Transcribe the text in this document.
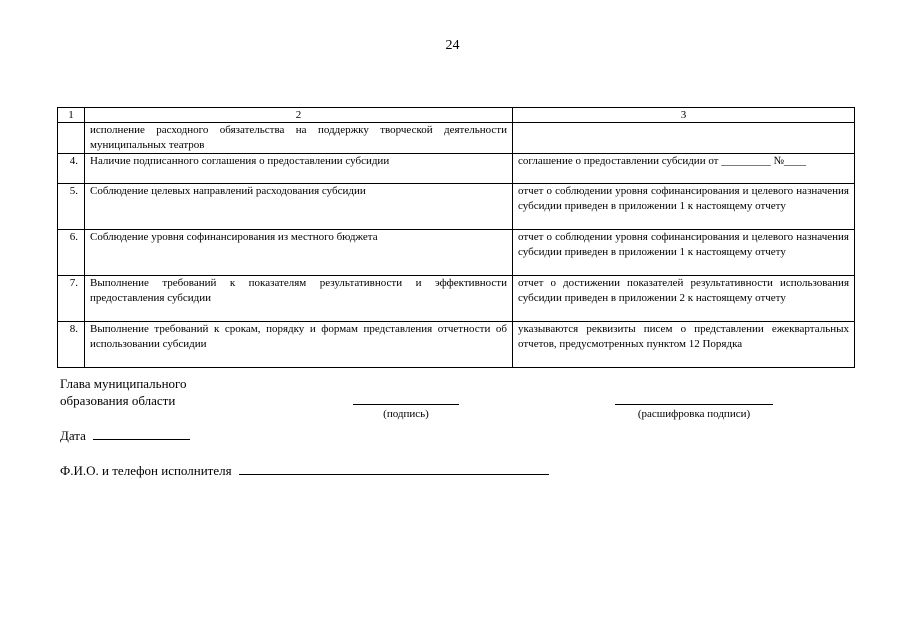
24
1	2	3
	исполнение расходного обязательства на поддержку творческой деятельности муниципальных театров	
4.	Наличие подписанного соглашения о предоставлении субсидии	соглашение о предоставлении субсидии от _________ №____
5.	Соблюдение целевых направлений расходования субсидии	отчет о соблюдении уровня софинансирования и целевого назначения субсидии приведен в приложении 1 к настоящему отчету
6.	Соблюдение уровня софинансирования из местного бюджета	отчет о соблюдении уровня софинансирования и целевого назначения субсидии приведен в приложении 1 к настоящему отчету
7.	Выполнение требований к показателям результативности и эффективности предоставления субсидии	отчет о достижении показателей результативности использования субсидии приведен в приложении 2 к настоящему отчету
8.	Выполнение требований к срокам, порядку и формам представления отчетности об использовании субсидии	указываются реквизиты писем о представлении ежеквартальных отчетов, предусмотренных пунктом 12 Порядка
Глава муниципального
образования области
(подпись)	(расшифровка подписи)
Дата
Ф.И.О. и телефон исполнителя
